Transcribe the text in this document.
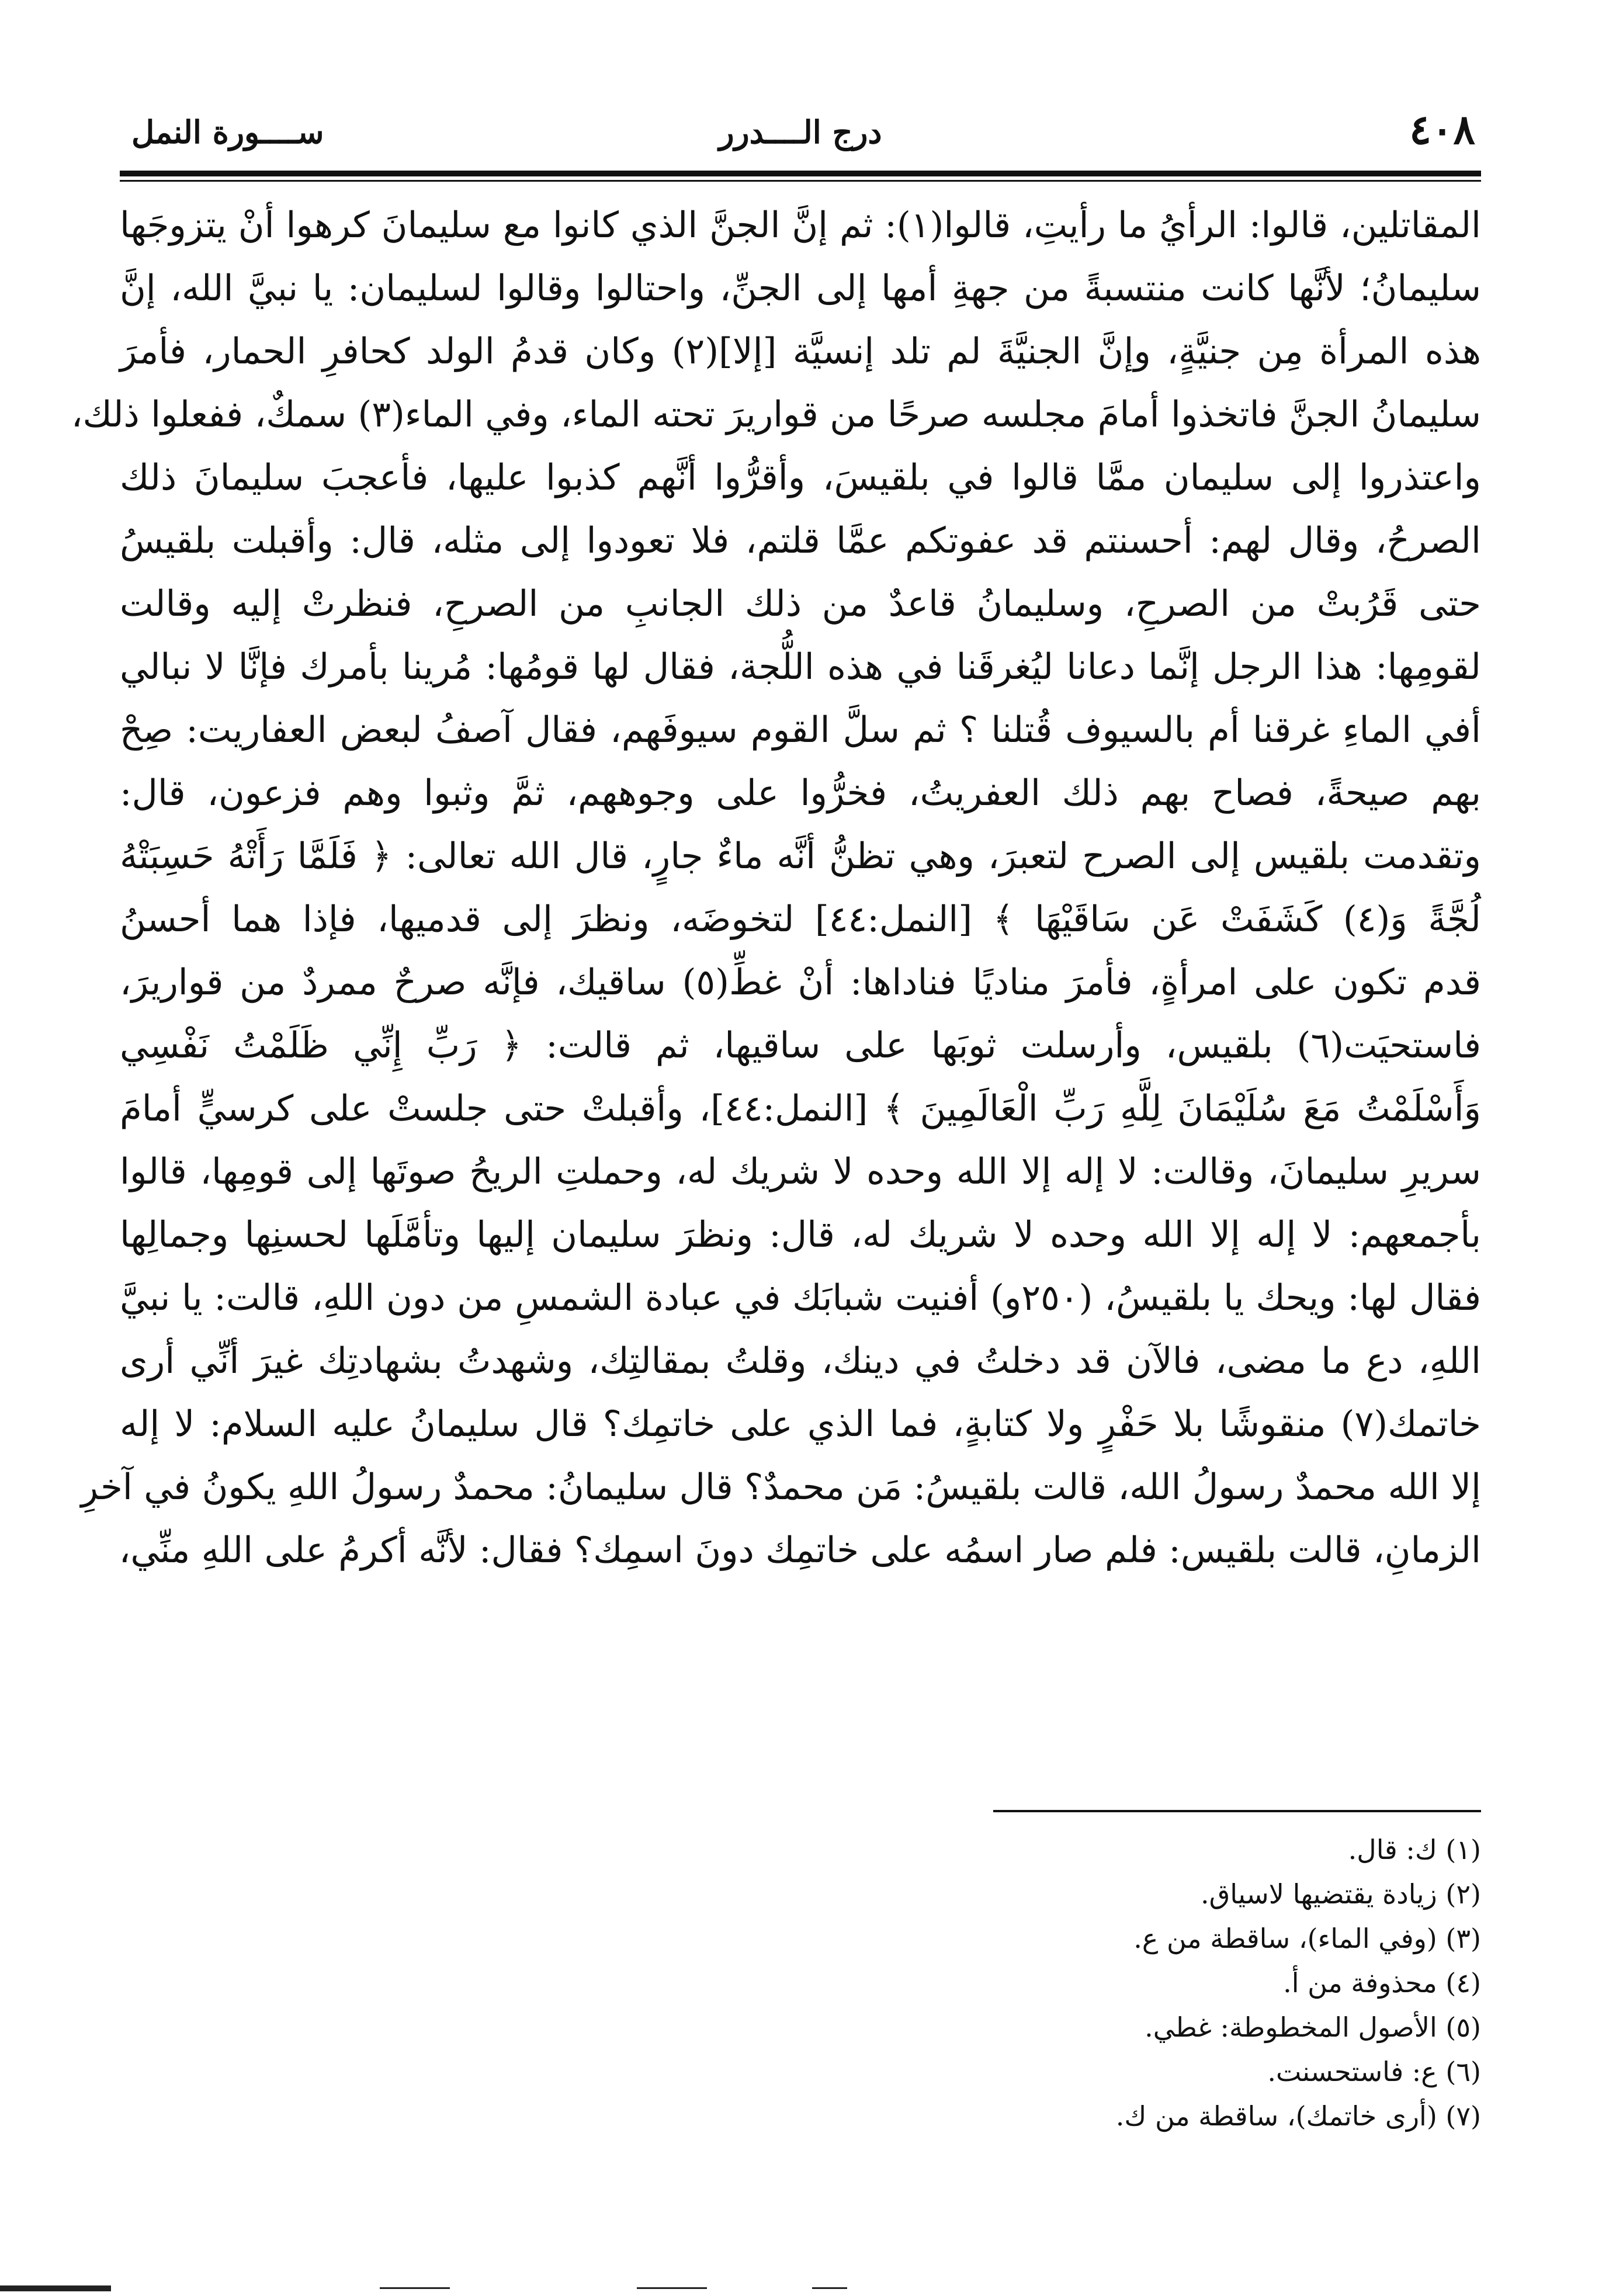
٤٠٨
درج الــــدرر
ســــورة النمل
المقاتلين، قالوا: الرأيُ ما رأيتِ، قالوا(١): ثم إنَّ الجنَّ الذي كانوا مع سليمانَ كرهوا أنْ يتزوجَها
سليمانُ؛ لأنَّها كانت منتسبةً من جهةِ أمها إلى الجنِّ، واحتالوا وقالوا لسليمان: يا نبيَّ الله، إنَّ
هذه المرأة مِن جنيَّةٍ، وإنَّ الجنيَّةَ لم تلد إنسيَّة [إلا](٢) وكان قدمُ الولد كحافرِ الحمار، فأمرَ
سليمانُ الجنَّ فاتخذوا أمامَ مجلسه صرحًا من قواريرَ تحته الماء، وفي الماء(٣) سمكٌ، ففعلوا ذلك،
واعتذروا إلى سليمان ممَّا قالوا في بلقيسَ، وأقرُّوا أنَّهم كذبوا عليها، فأعجبَ سليمانَ ذلك
الصرحُ، وقال لهم: أحسنتم قد عفوتكم عمَّا قلتم، فلا تعودوا إلى مثله، قال: وأقبلت بلقيسُ
حتى قَرُبتْ من الصرحِ، وسليمانُ قاعدٌ من ذلك الجانبِ من الصرحِ، فنظرتْ إليه وقالت
لقومِها: هذا الرجل إنَّما دعانا ليُغرقَنا في هذه اللُّجة، فقال لها قومُها: مُرينا بأمرك فإنَّا لا نبالي
أفي الماءِ غرقنا أم بالسيوف قُتلنا ؟ ثم سلَّ القوم سيوفَهم، فقال آصفُ لبعض العفاريت: صِحْ
بهم صيحةً، فصاح بهم ذلك العفريتُ، فخرُّوا على وجوههم، ثمَّ وثبوا وهم فزعون، قال:
وتقدمت بلقيس إلى الصرح لتعبرَ، وهي تظنُّ أنَّه ماءٌ جارٍ، قال الله تعالى: ﴿ فَلَمَّا رَأَتْهُ حَسِبَتْهُ
لُجَّةً وَ(٤) كَشَفَتْ عَن سَاقَيْهَا ﴾ [النمل:٤٤] لتخوضَه، ونظرَ إلى قدميها، فإذا هما أحسنُ
قدم تكون على امرأةٍ، فأمرَ مناديًا فناداها: أنْ غطِّ(٥) ساقيك، فإنَّه صرحٌ ممردٌ من قواريرَ،
فاستحيَت(٦) بلقيس، وأرسلت ثوبَها على ساقيها، ثم قالت: ﴿ رَبِّ إِنِّي ظَلَمْتُ نَفْسِي
وَأَسْلَمْتُ مَعَ سُلَيْمَانَ لِلَّهِ رَبِّ الْعَالَمِينَ ﴾ [النمل:٤٤]، وأقبلتْ حتى جلستْ على كرسيٍّ أمامَ
سريرِ سليمانَ، وقالت: لا إله إلا الله وحده لا شريك له، وحملتِ الريحُ صوتَها إلى قومِها، قالوا
بأجمعهم: لا إله إلا الله وحده لا شريك له، قال: ونظرَ سليمان إليها وتأمَّلَها لحسنِها وجمالِها
فقال لها: ويحك يا بلقيسُ، (٢٥٠و) أفنيت شبابَك في عبادة الشمسِ من دون اللهِ، قالت: يا نبيَّ
اللهِ، دع ما مضى، فالآن قد دخلتُ في دينك، وقلتُ بمقالتِك، وشهدتُ بشهادتِك غيرَ أنِّي أرى
خاتمك(٧) منقوشًا بلا حَفْرٍ ولا كتابةٍ، فما الذي على خاتمِك؟ قال سليمانُ عليه السلام: لا إله
إلا الله محمدٌ رسولُ الله، قالت بلقيسُ: مَن محمدٌ؟ قال سليمانُ: محمدٌ رسولُ اللهِ يكونُ في آخرِ
الزمانِ، قالت بلقيس: فلم صار اسمُه على خاتمِك دونَ اسمِك؟ فقال: لأنَّه أكرمُ على اللهِ منِّي،
(١) ك: قال.
(٢) زيادة يقتضيها لاسياق.
(٣) (وفي الماء)، ساقطة من ع.
(٤) محذوفة من أ.
(٥) الأصول المخطوطة: غطي.
(٦) ع: فاستحسنت.
(٧) (أرى خاتمك)، ساقطة من ك.
